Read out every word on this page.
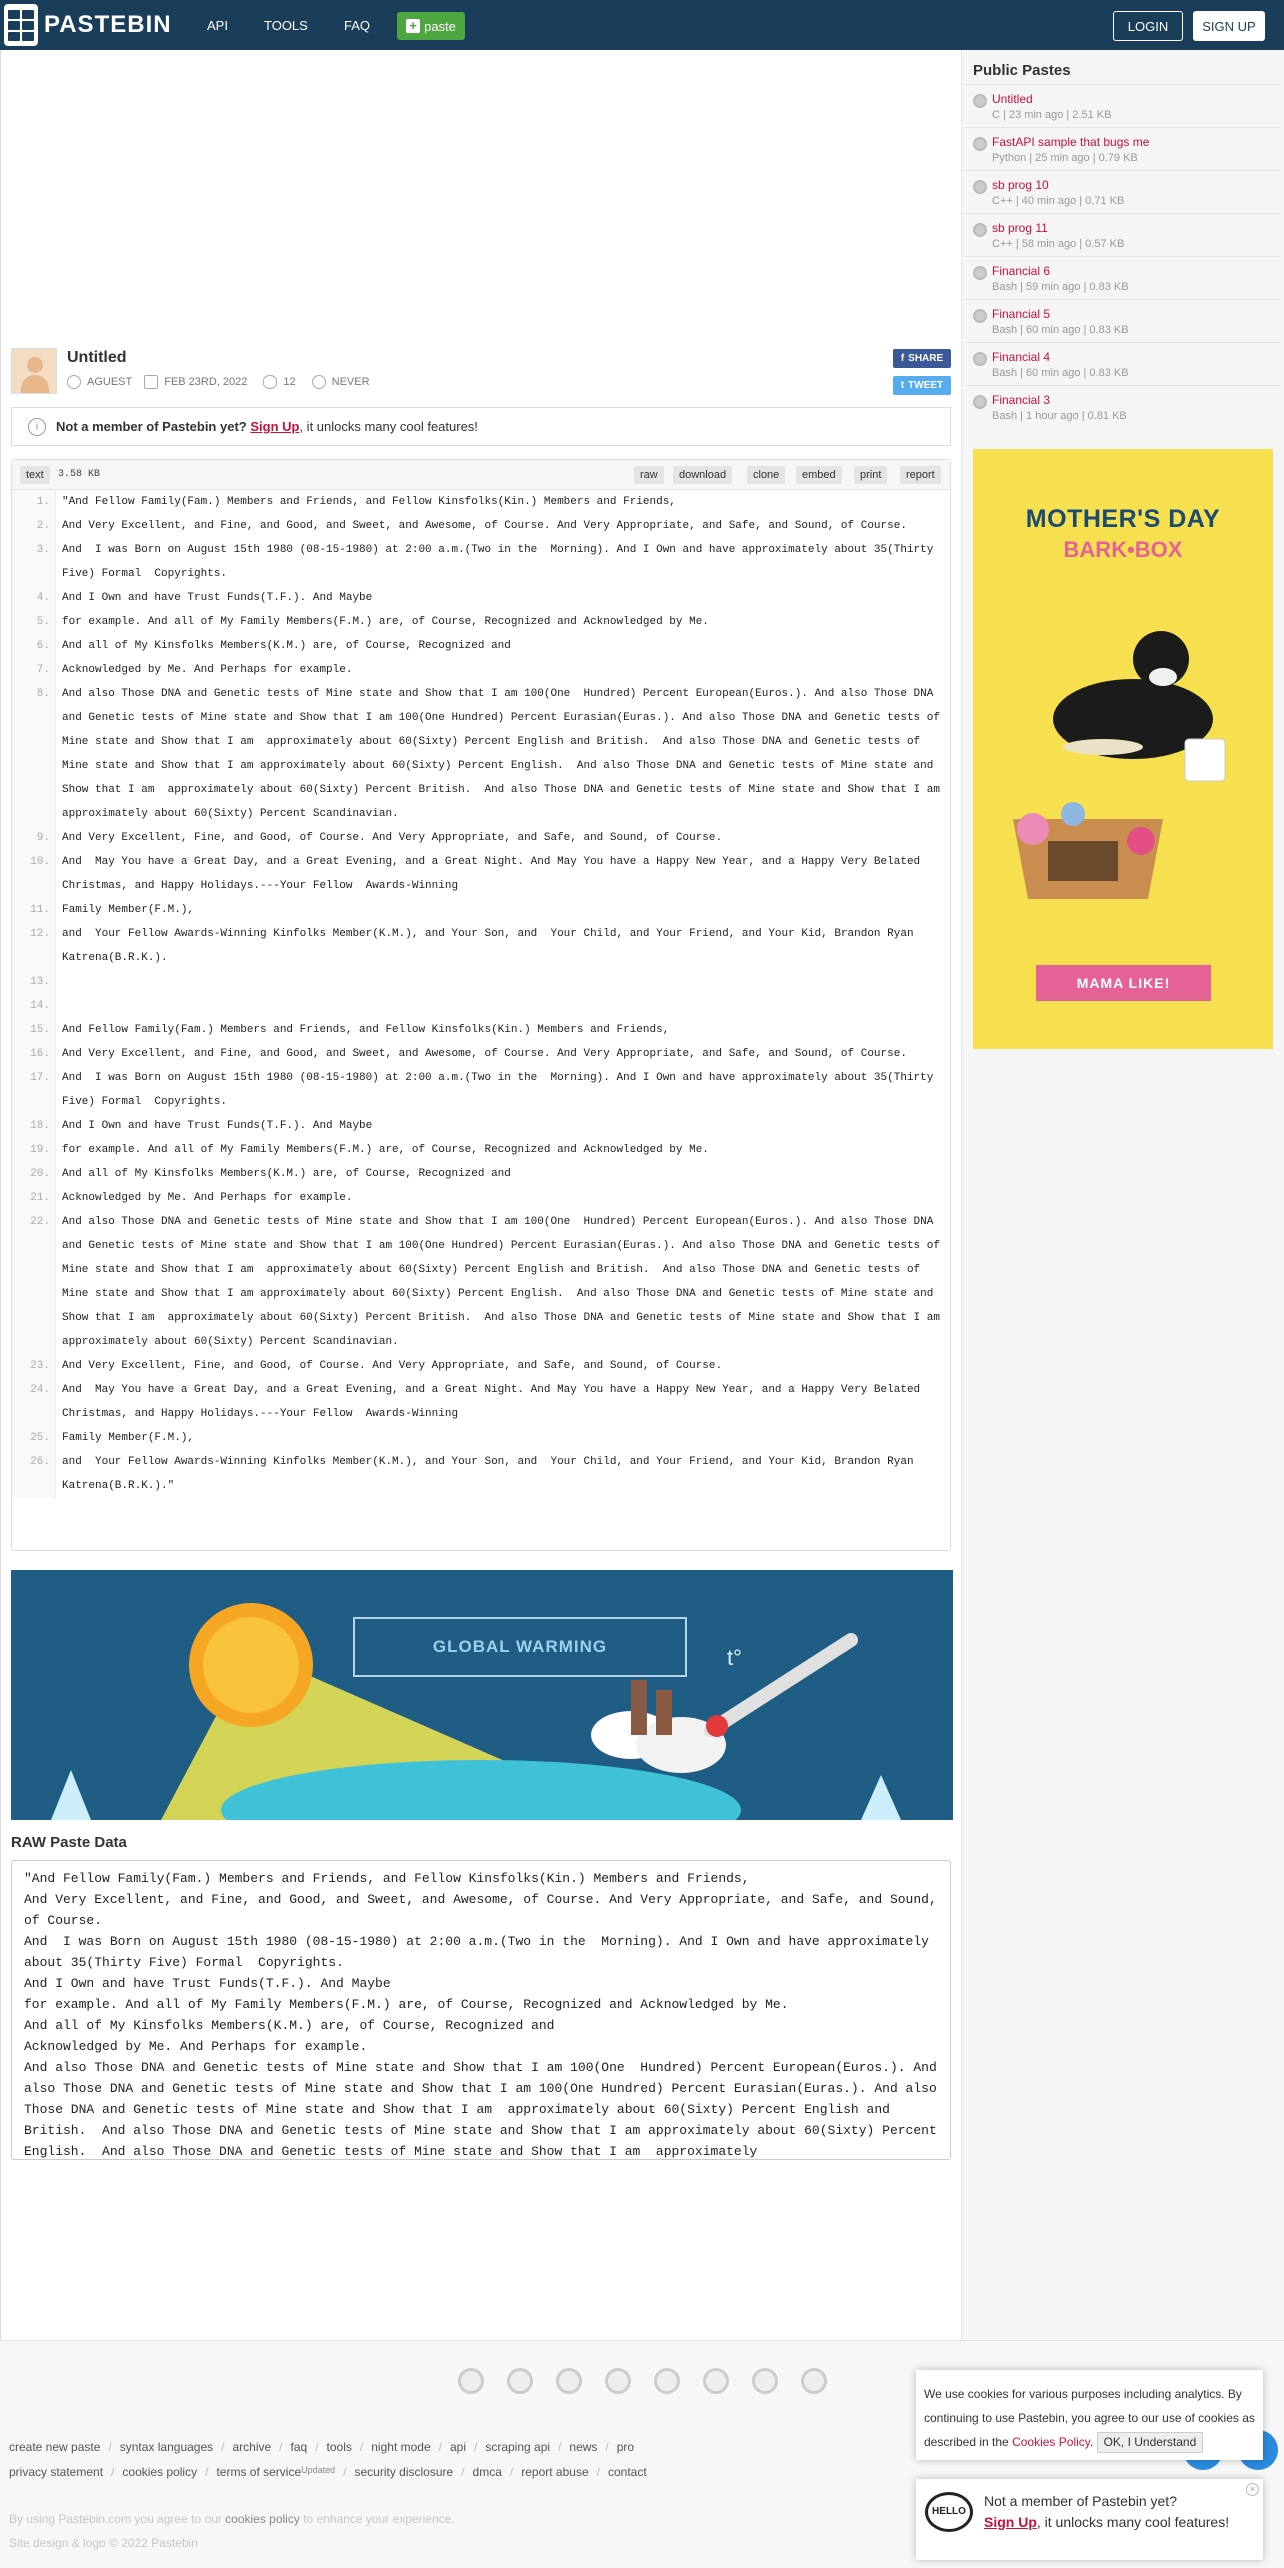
PASTEBIN	API	TOOLS	FAQ	+ paste	LOGIN	SIGN UP
Public Pastes
Untitled
C | 23 min ago | 2.51 KB
FastAPI sample that bugs me
Python | 25 min ago | 0.79 KB
sb prog 10
C++ | 40 min ago | 0.71 KB
sb prog 11
C++ | 58 min ago | 0.57 KB
Financial 6
Bash | 59 min ago | 0.83 KB
Financial 5
Bash | 60 min ago | 0.83 KB
Financial 4
Bash | 60 min ago | 0.83 KB
Financial 3
Bash | 1 hour ago | 0.81 KB
MOTHER'S DAY
BARK•BOX
MAMA LIKE!
Untitled
AGUEST	FEB 23RD, 2022	12	NEVER
f SHARE
t TWEET
i	Not a member of Pastebin yet?
Sign Up , it unlocks many cool features!
text	3.58 KB	raw	download	clone	embed	print	report
1.	"And Fellow Family(Fam.) Members and Friends, and Fellow Kinsfolks(Kin.) Members and Friends,
2.	And Very Excellent, and Fine, and Good, and Sweet, and Awesome, of Course. And Very Appropriate, and Safe, and Sound, of Course.
3.	And  I was Born on August 15th 1980 (08-15-1980) at 2:00 a.m.(Two in the  Morning). And I Own and have approximately about 35(Thirty Five) Formal  Copyrights.
4.	And I Own and have Trust Funds(T.F.). And Maybe
5.	for example. And all of My Family Members(F.M.) are, of Course, Recognized and Acknowledged by Me.
6.	And all of My Kinsfolks Members(K.M.) are, of Course, Recognized and
7.	Acknowledged by Me. And Perhaps for example.
8.	And also Those DNA and Genetic tests of Mine state and Show that I am 100(One  Hundred) Percent European(Euros.). And also Those DNA and Genetic tests of Mine state and Show that I am 100(One Hundred) Percent Eurasian(Euras.). And also Those DNA and Genetic tests of Mine state and Show that I am  approximately about 60(Sixty) Percent English and British.  And also Those DNA and Genetic tests of Mine state and Show that I am approximately about 60(Sixty) Percent English.  And also Those DNA and Genetic tests of Mine state and Show that I am  approximately about 60(Sixty) Percent British.  And also Those DNA and Genetic tests of Mine state and Show that I am  approximately about 60(Sixty) Percent Scandinavian.
9.	And Very Excellent, Fine, and Good, of Course. And Very Appropriate, and Safe, and Sound, of Course.
10.	And  May You have a Great Day, and a Great Evening, and a Great Night. And May You have a Happy New Year, and a Happy Very Belated Christmas, and Happy Holidays.---Your Fellow  Awards-Winning
11.	Family Member(F.M.),
12.	and  Your Fellow Awards-Winning Kinfolks Member(K.M.), and Your Son, and  Your Child, and Your Friend, and Your Kid, Brandon Ryan Katrena(B.R.K.).
13.
14.
15.	And Fellow Family(Fam.) Members and Friends, and Fellow Kinsfolks(Kin.) Members and Friends,
16.	And Very Excellent, and Fine, and Good, and Sweet, and Awesome, of Course. And Very Appropriate, and Safe, and Sound, of Course.
17.	And  I was Born on August 15th 1980 (08-15-1980) at 2:00 a.m.(Two in the  Morning). And I Own and have approximately about 35(Thirty Five) Formal  Copyrights.
18.	And I Own and have Trust Funds(T.F.). And Maybe
19.	for example. And all of My Family Members(F.M.) are, of Course, Recognized and Acknowledged by Me.
20.	And all of My Kinsfolks Members(K.M.) are, of Course, Recognized and
21.	Acknowledged by Me. And Perhaps for example.
22.	And also Those DNA and Genetic tests of Mine state and Show that I am 100(One  Hundred) Percent European(Euros.). And also Those DNA and Genetic tests of Mine state and Show that I am 100(One Hundred) Percent Eurasian(Euras.). And also Those DNA and Genetic tests of Mine state and Show that I am  approximately about 60(Sixty) Percent English and British.  And also Those DNA and Genetic tests of Mine state and Show that I am approximately about 60(Sixty) Percent English.  And also Those DNA and Genetic tests of Mine state and Show that I am  approximately about 60(Sixty) Percent British.  And also Those DNA and Genetic tests of Mine state and Show that I am  approximately about 60(Sixty) Percent Scandinavian.
23.	And Very Excellent, Fine, and Good, of Course. And Very Appropriate, and Safe, and Sound, of Course.
24.	And  May You have a Great Day, and a Great Evening, and a Great Night. And May You have a Happy New Year, and a Happy Very Belated Christmas, and Happy Holidays.---Your Fellow  Awards-Winning
25.	Family Member(F.M.),
26.	and  Your Fellow Awards-Winning Kinfolks Member(K.M.), and Your Son, and  Your Child, and Your Friend, and Your Kid, Brandon Ryan Katrena(B.R.K.)."
t°
GLOBAL WARMING
RAW Paste Data
"And Fellow Family(Fam.) Members and Friends, and Fellow Kinsfolks(Kin.) Members and Friends,
And Very Excellent, and Fine, and Good, and Sweet, and Awesome, of Course. And Very Appropriate, and Safe, and Sound, of Course.
And  I was Born on August 15th 1980 (08-15-1980) at 2:00 a.m.(Two in the  Morning). And I Own and have approximately about 35(Thirty Five) Formal  Copyrights.
And I Own and have Trust Funds(T.F.). And Maybe
for example. And all of My Family Members(F.M.) are, of Course, Recognized and Acknowledged by Me.
And all of My Kinsfolks Members(K.M.) are, of Course, Recognized and
Acknowledged by Me. And Perhaps for example.
And also Those DNA and Genetic tests of Mine state and Show that I am 100(One  Hundred) Percent European(Euros.). And also Those DNA and Genetic tests of Mine state and Show that I am 100(One Hundred) Percent Eurasian(Euras.). And also Those DNA and Genetic tests of Mine state and Show that I am  approximately about 60(Sixty) Percent English and British.  And also Those DNA and Genetic tests of Mine state and Show that I am approximately about 60(Sixty) Percent English.  And also Those DNA and Genetic tests of Mine state and Show that I am  approximately
create new paste / syntax languages / archive / faq / tools / night mode / api / scraping api / news / pro
privacy statement / cookies policy / terms of service Updated / security disclosure / dmca / report abuse / contact
By using Pastebin.com you agree to our cookies policy to enhance your experience.
Site design & logo © 2022 Pastebin
We use cookies for various purposes including analytics. By continuing to use Pastebin, you agree to our use of cookies as described in the Cookies Policy. OK, I Understand
HELLO
Not a member of Pastebin yet?
Sign Up, it unlocks many cool features!
×
